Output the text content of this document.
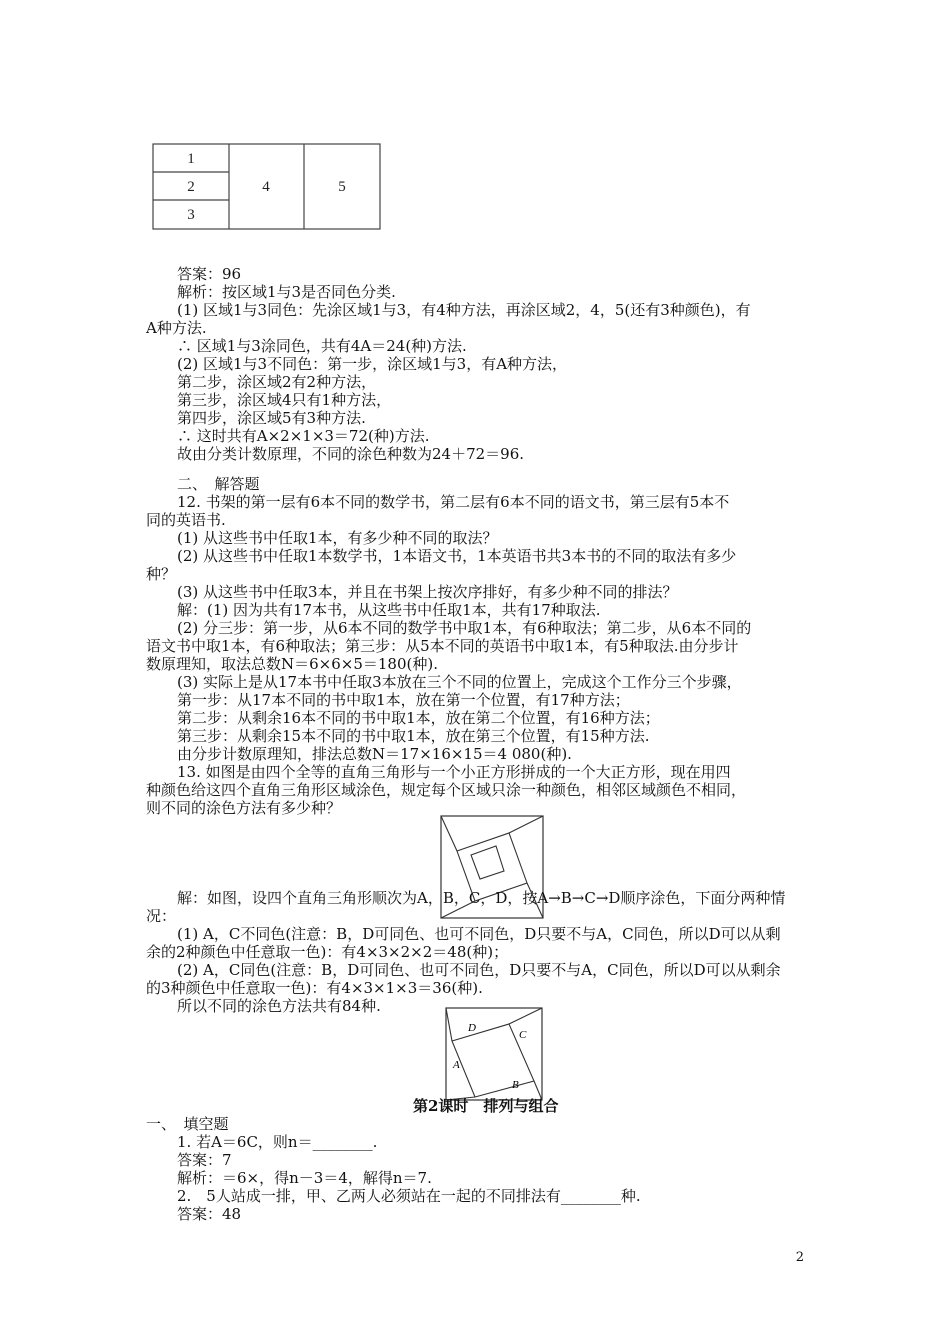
1
2
3
4	5
答案：96
解析：按区域1与3是否同色分类.
(1) 区域1与3同色：先涂区域1与3，有4种方法，再涂区域2，4，5(还有3种颜色)，有
A种方法.
∴ 区域1与3涂同色，共有4A＝24(种)方法.
(2) 区域1与3不同色：第一步，涂区域1与3，有A种方法，
第二步，涂区域2有2种方法，
第三步，涂区域4只有1种方法，
第四步，涂区域5有3种方法.
∴ 这时共有A×2×1×3＝72(种)方法.
故由分类计数原理，不同的涂色种数为24＋72＝96.
二、　解答题
12. 书架的第一层有6本不同的数学书，第二层有6本不同的语文书，第三层有5本不
同的英语书.
(1) 从这些书中任取1本，有多少种不同的取法？
(2) 从这些书中任取1本数学书，1本语文书，1本英语书共3本书的不同的取法有多少
种？
(3) 从这些书中任取3本，并且在书架上按次序排好，有多少种不同的排法？
解：(1) 因为共有17本书，从这些书中任取1本，共有17种取法.
(2) 分三步：第一步，从6本不同的数学书中取1本，有6种取法；第二步，从6本不同的
语文书中取1本，有6种取法；第三步：从5本不同的英语书中取1本，有5种取法.由分步计
数原理知，取法总数N＝6×6×5＝180(种).
(3) 实际上是从17本书中任取3本放在三个不同的位置上，完成这个工作分三个步骤，
第一步：从17本不同的书中取1本，放在第一个位置，有17种方法；
第二步：从剩余16本不同的书中取1本，放在第二个位置，有16种方法；
第三步：从剩余15本不同的书中取1本，放在第三个位置，有15种方法.
由分步计数原理知，排法总数N＝17×16×15＝4 080(种).
13. 如图是由四个全等的直角三角形与一个小正方形拼成的一个大正方形，现在用四
种颜色给这四个直角三角形区域涂色，规定每个区域只涂一种颜色，相邻区域颜色不相同，
则不同的涂色方法有多少种？
解：如图，设四个直角三角形顺次为A，B，C，D，按A→B→C→D顺序涂色，下面分两种情
况：
(1) A，C不同色(注意：B，D可同色、也可不同色，D只要不与A，C同色，所以D可以从剩
余的2种颜色中任意取一色)：有4×3×2×2＝48(种)；
(2) A，C同色(注意：B，D可同色、也可不同色，D只要不与A，C同色，所以D可以从剩余
的3种颜色中任意取一色)：有4×3×1×3＝36(种).
所以不同的涂色方法共有84种.
D
C
A
B
第2课时　排列与组合
一、　填空题
1. 若A＝6C，则n＝________.
答案：7
解析：＝6×，得n－3＝4，解得n＝7.
2.　5人站成一排，甲、乙两人必须站在一起的不同排法有________种.
答案：48
2
